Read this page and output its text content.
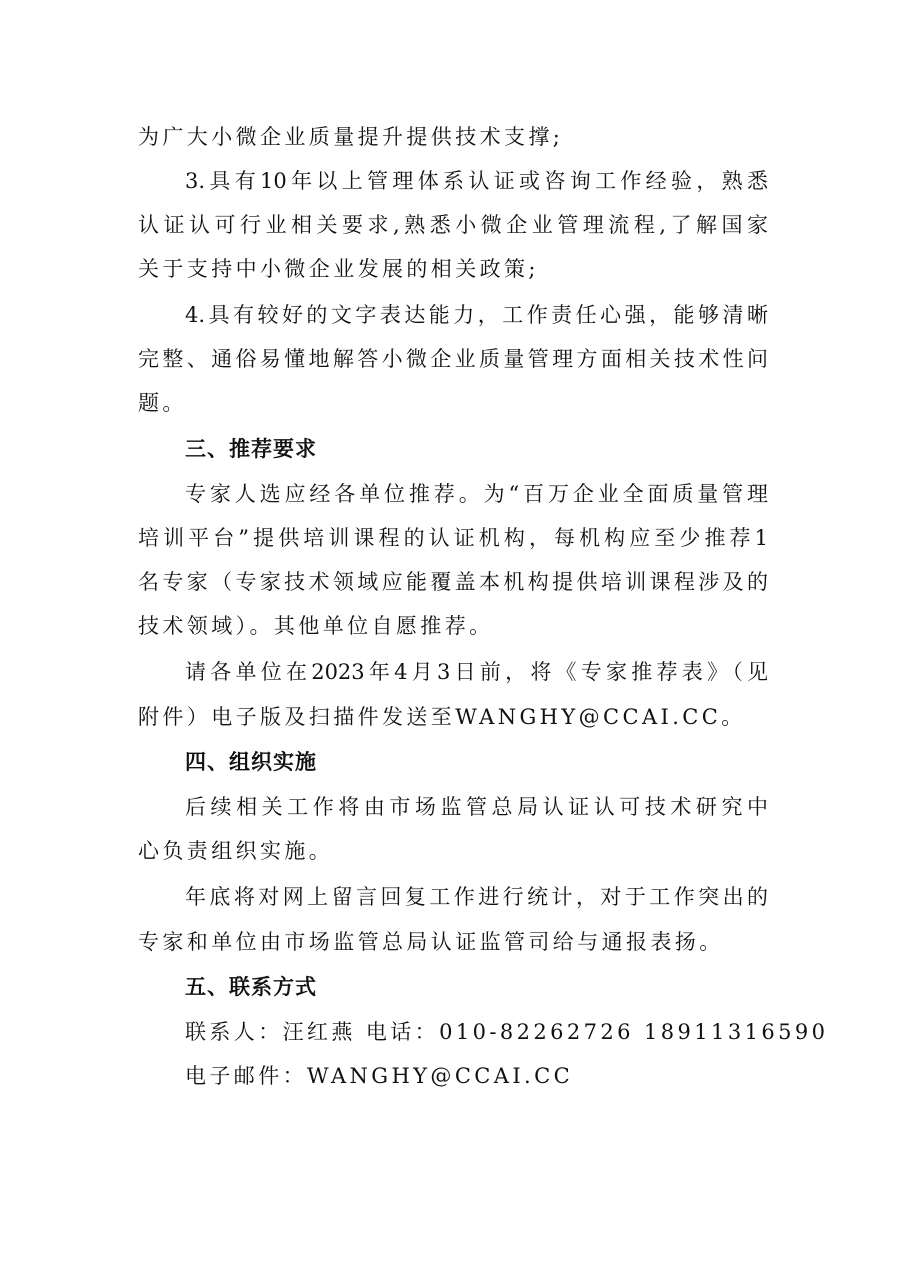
为广大小微企业质量提升提供技术支撑;
3.具有10年以上管理体系认证或咨询工作经验，熟悉
认证认可行业相关要求,熟悉小微企业管理流程,了解国家
关于支持中小微企业发展的相关政策;
4.具有较好的文字表达能力，工作责任心强，能够清晰
完整、通俗易懂地解答小微企业质量管理方面相关技术性问
题。
三、推荐要求
专家人选应经各单位推荐。为“百万企业全面质量管理
培训平台”提供培训课程的认证机构，每机构应至少推荐1
名专家（专家技术领域应能覆盖本机构提供培训课程涉及的
技术领域）。其他单位自愿推荐。
请各单位在2023年4月3日前，将《专家推荐表》（见
附件）电子版及扫描件发送至WANGHY@CCAI.CC。
四、组织实施
后续相关工作将由市场监管总局认证认可技术研究中
心负责组织实施。
年底将对网上留言回复工作进行统计，对于工作突出的
专家和单位由市场监管总局认证监管司给与通报表扬。
五、联系方式
联系人：汪红燕 电话：010-82262726 18911316590
电子邮件：WANGHY@CCAI.CC
